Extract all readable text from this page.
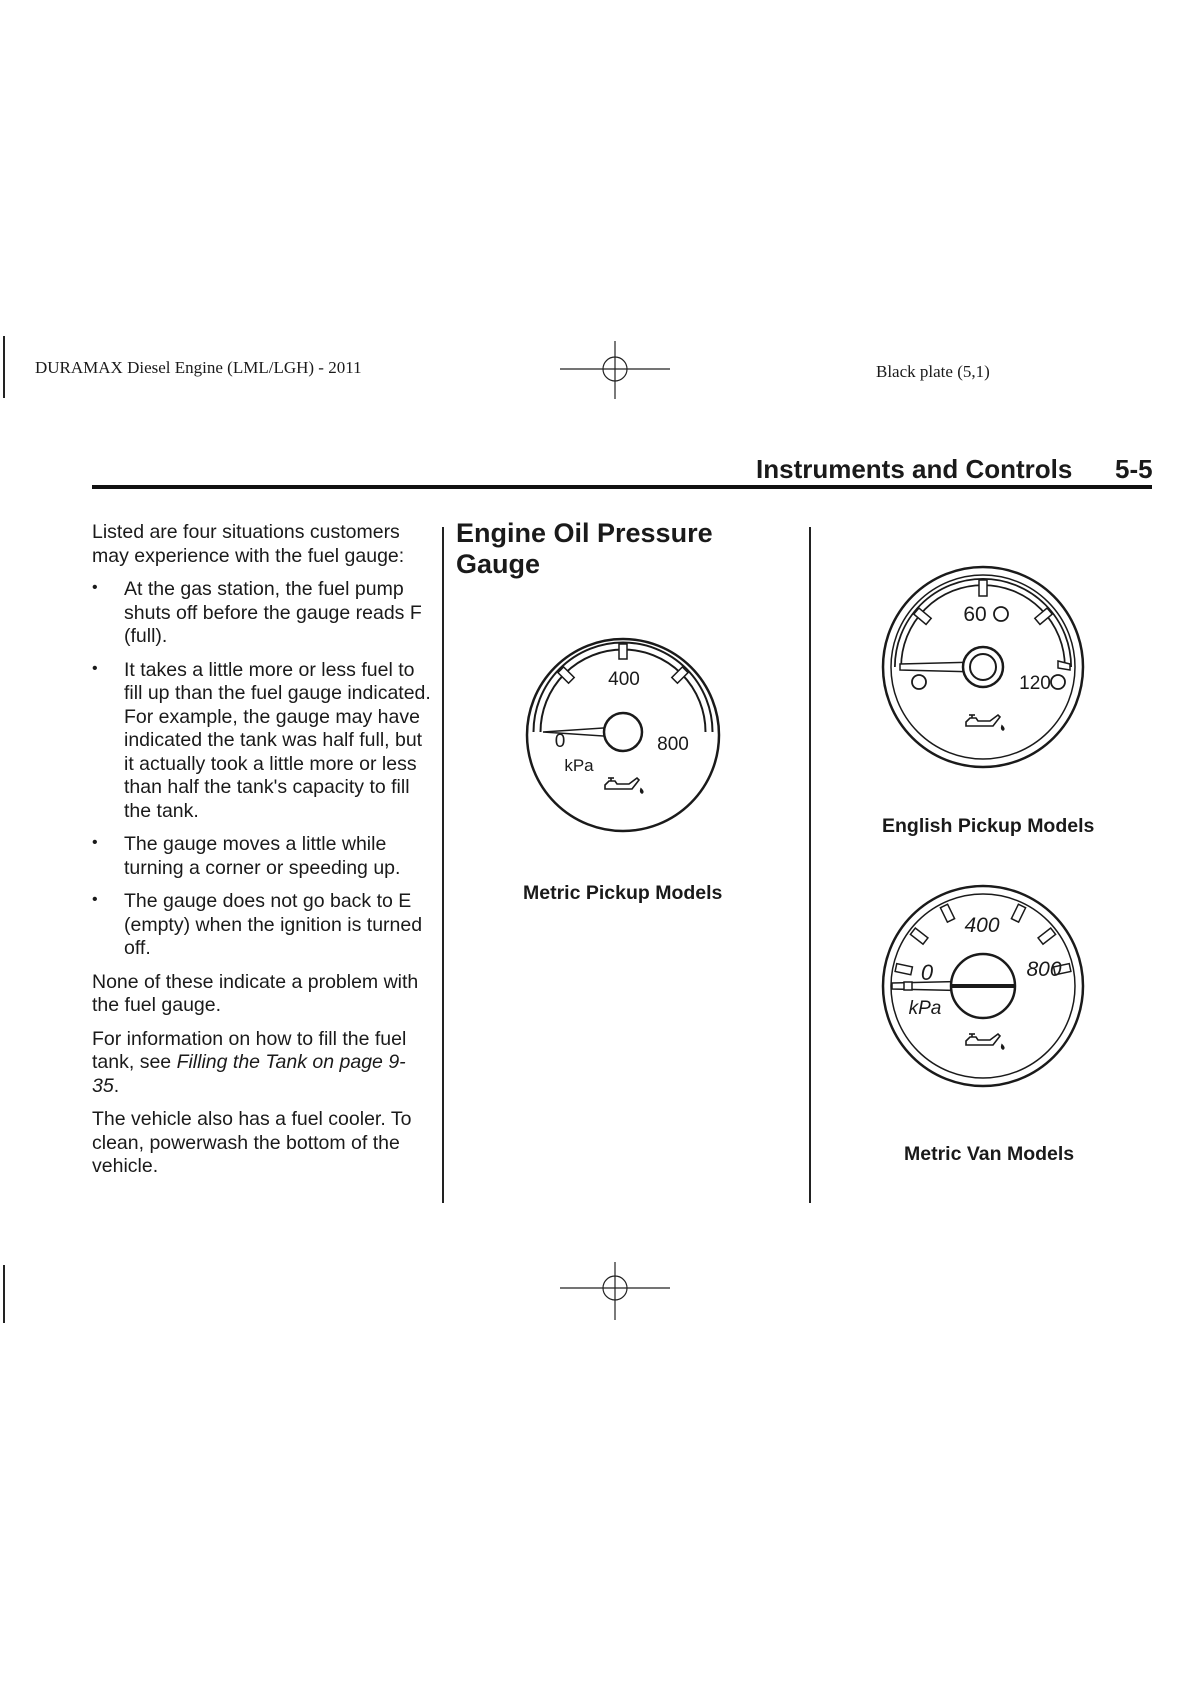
DURAMAX Diesel Engine (LML/LGH) - 2011	Black plate (5,1)
Instruments and Controls 5-5

Listed are four situations customers may experience with the fuel gauge:

• At the gas station, the fuel pump shuts off before the gauge reads F (full).
• It takes a little more or less fuel to fill up than the fuel gauge indicated. For example, the gauge may have indicated the tank was half full, but it actually took a little more or less than half the tank's capacity to fill the tank.
• The gauge moves a little while turning a corner or speeding up.
• The gauge does not go back to E (empty) when the ignition is turned off.

None of these indicate a problem with the fuel gauge.

For information on how to fill the fuel tank, see Filling the Tank on page 9-35.

The vehicle also has a fuel cooler. To clean, powerwash the bottom of the vehicle.

Engine Oil Pressure Gauge
400
0	800
kPa
Metric Pickup Models
60
120
English Pickup Models
400
0	800
kPa
Metric Van Models
